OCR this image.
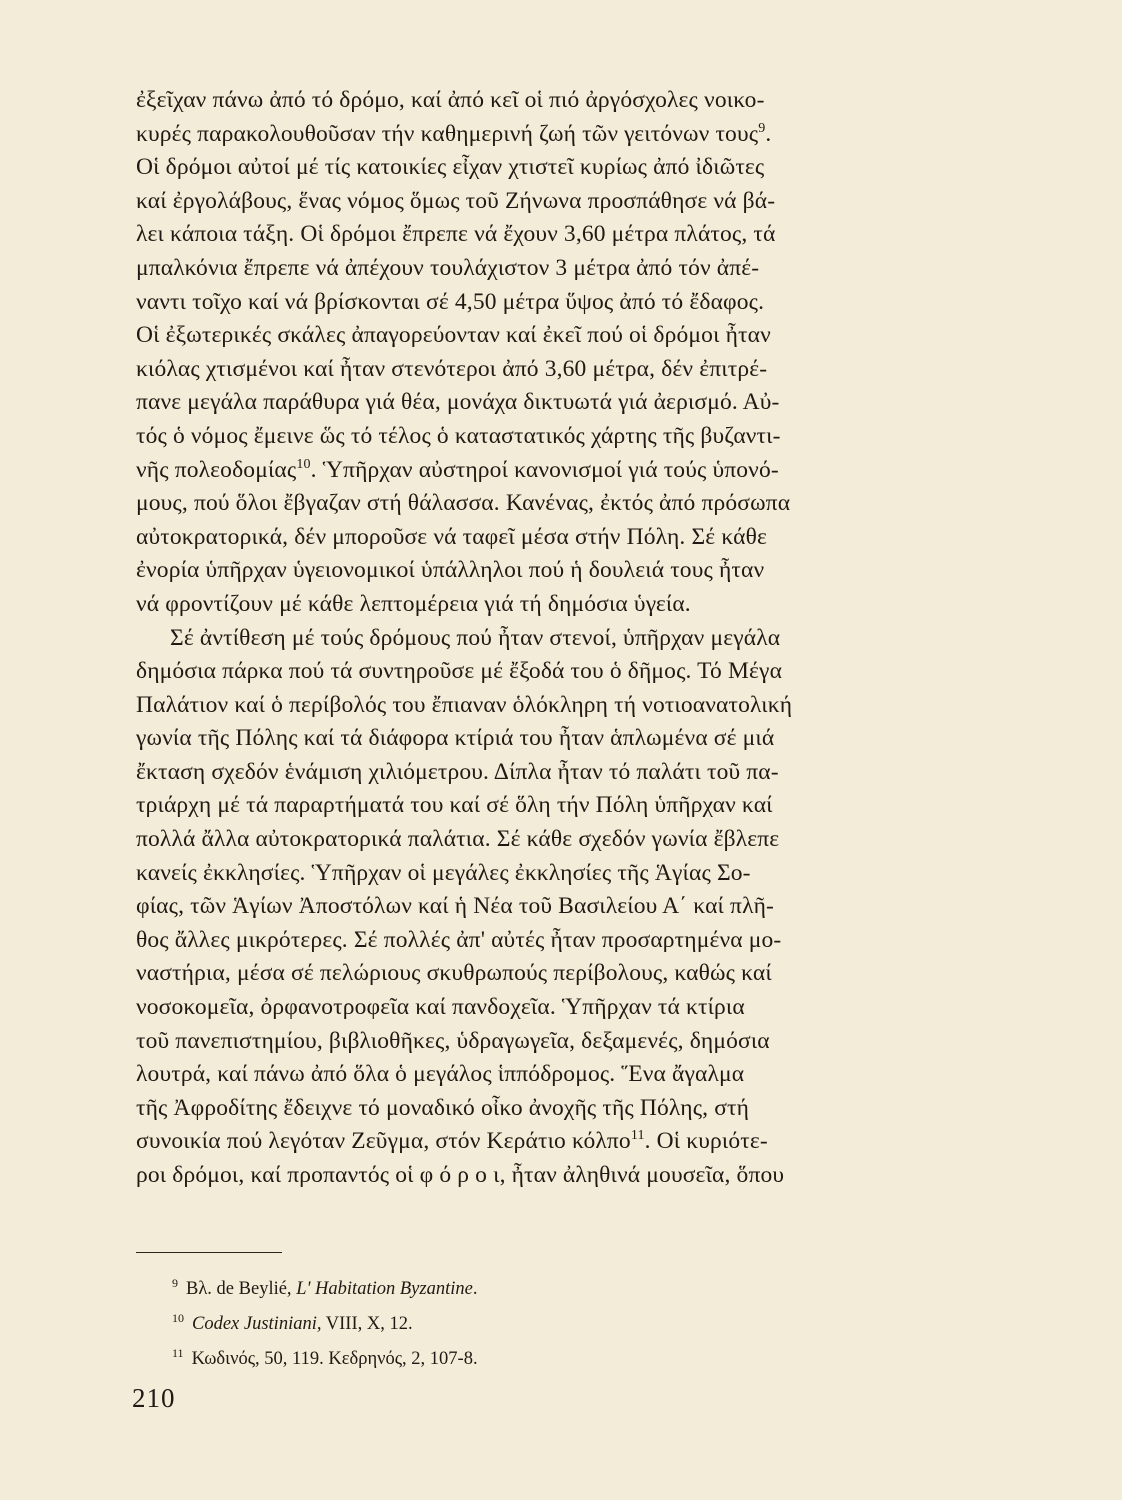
ἐξεῖχαν πάνω ἀπό τό δρόμο, καί ἀπό κεῖ οἱ πιό ἀργόσχολες νοικο-
κυρές παρακολουθοῦσαν τήν καθημερινή ζωή τῶν γειτόνων τους$^9$.
Οἱ δρόμοι αὐτοί μέ τίς κατοικίες εἶχαν χτιστεῖ κυρίως ἀπό ἰδιῶτες
καί ἐργολάβους, ἕνας νόμος ὅμως τοῦ Ζήνωνα προσπάθησε νά βά-
λει κάποια τάξη. Οἱ δρόμοι ἔπρεπε νά ἔχουν 3,60 μέτρα πλάτος, τά
μπαλκόνια ἔπρεπε νά ἀπέχουν τουλάχιστον 3 μέτρα ἀπό τόν ἀπέ-
ναντι τοῖχο καί νά βρίσκονται σέ 4,50 μέτρα ὕψος ἀπό τό ἔδαφος.
Οἱ ἐξωτερικές σκάλες ἀπαγορεύονταν καί ἐκεῖ πού οἱ δρόμοι ἦταν
κιόλας χτισμένοι καί ἦταν στενότεροι ἀπό 3,60 μέτρα, δέν ἐπιτρέ-
πανε μεγάλα παράθυρα γιά θέα, μονάχα δικτυωτά γιά ἀερισμό. Αὐ-
τός ὁ νόμος ἔμεινε ὥς τό τέλος ὁ καταστατικός χάρτης τῆς βυζαντι-
νῆς πολεοδομίας$^{10}$. Ὑπῆρχαν αὐστηροί κανονισμοί γιά τούς ὑπονό-
μους, πού ὅλοι ἔβγαζαν στή θάλασσα. Κανένας, ἐκτός ἀπό πρόσωπα
αὐτοκρατορικά, δέν μποροῦσε νά ταφεῖ μέσα στήν Πόλη. Σέ κάθε
ἐνορία ὑπῆρχαν ὑγειονομικοί ὑπάλληλοι πού ἡ δουλειά τους ἦταν
νά φροντίζουν μέ κάθε λεπτομέρεια γιά τή δημόσια ὑγεία.
Σέ ἀντίθεση μέ τούς δρόμους πού ἦταν στενοί, ὑπῆρχαν μεγάλα
δημόσια πάρκα πού τά συντηροῦσε μέ ἔξοδά του ὁ δῆμος. Τό Μέγα
Παλάτιον καί ὁ περίβολός του ἔπιαναν ὁλόκληρη τή νοτιοανατολική
γωνία τῆς Πόλης καί τά διάφορα κτίριά του ἦταν ἁπλωμένα σέ μιά
ἔκταση σχεδόν ἑνάμιση χιλιόμετρου. Δίπλα ἦταν τό παλάτι τοῦ πα-
τριάρχη μέ τά παραρτήματά του καί σέ ὅλη τήν Πόλη ὑπῆρχαν καί
πολλά ἄλλα αὐτοκρατορικά παλάτια. Σέ κάθε σχεδόν γωνία ἔβλεπε
κανείς ἐκκλησίες. Ὑπῆρχαν οἱ μεγάλες ἐκκλησίες τῆς Ἁγίας Σο-
φίας, τῶν Ἁγίων Ἀποστόλων καί ἡ Νέα τοῦ Βασιλείου Α΄ καί πλῆ-
θος ἄλλες μικρότερες. Σέ πολλές ἀπ' αὐτές ἦταν προσαρτημένα μο-
ναστήρια, μέσα σέ πελώριους σκυθρωπούς περίβολους, καθώς καί
νοσοκομεῖα, ὀρφανοτροφεῖα καί πανδοχεῖα. Ὑπῆρχαν τά κτίρια
τοῦ πανεπιστημίου, βιβλιοθῆκες, ὑδραγωγεῖα, δεξαμενές, δημόσια
λουτρά, καί πάνω ἀπό ὅλα ὁ μεγάλος ἱππόδρομος. Ἕνα ἄγαλμα
τῆς Ἀφροδίτης ἔδειχνε τό μοναδικό οἶκο ἀνοχῆς τῆς Πόλης, στή
συνοικία πού λεγόταν Ζεῦγμα, στόν Κεράτιο κόλπο$^{11}$. Οἱ κυριότε-
ροι δρόμοι, καί προπαντός οἱ φ ό ρ ο ι, ἦταν ἀληθινά μουσεῖα, ὅπου
$^9$ Βλ. de Beylié, L' Habitation Byzantine.
$^{10}$ Codex Justiniani, VIII, X, 12.
$^{11}$ Κωδινός, 50, 119. Κεδρηνός, 2, 107-8.
210
